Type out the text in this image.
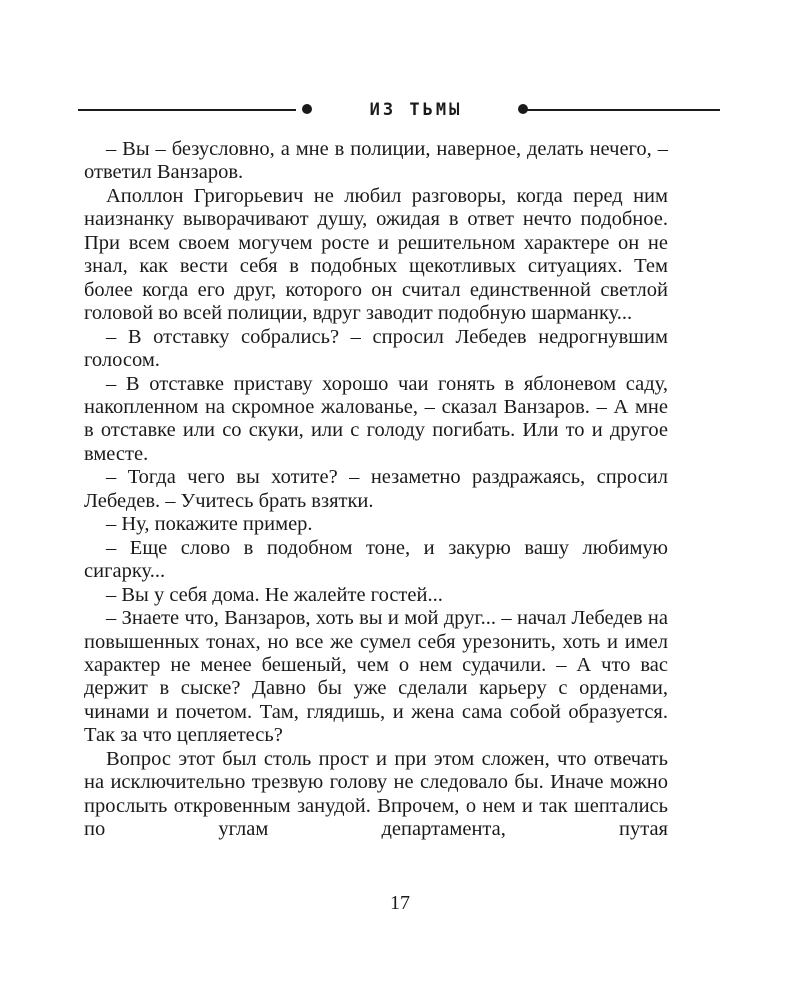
ИЗ ТЬМЫ

– Вы – безусловно, а мне в полиции, наверное, делать нечего, – ответил Ванзаров.

Аполлон Григорьевич не любил разговоры, когда перед ним наизнанку выворачивают душу, ожидая в ответ нечто подобное. При всем своем могучем росте и решительном характере он не знал, как вести себя в подобных щекотливых ситуациях. Тем более когда его друг, которого он считал единственной светлой головой во всей полиции, вдруг заводит подобную шарманку...

– В отставку собрались? – спросил Лебедев недрогнувшим голосом.

– В отставке приставу хорошо чаи гонять в яблоневом саду, накопленном на скромное жалованье, – сказал Ванзаров. – А мне в отставке или со скуки, или с голоду погибать. Или то и другое вместе.

– Тогда чего вы хотите? – незаметно раздражаясь, спросил Лебедев. – Учитесь брать взятки.

– Ну, покажите пример.

– Еще слово в подобном тоне, и закурю вашу любимую сигарку...

– Вы у себя дома. Не жалейте гостей...

– Знаете что, Ванзаров, хоть вы и мой друг... – начал Лебедев на повышенных тонах, но все же сумел себя урезонить, хоть и имел характер не менее бешеный, чем о нем судачили. – А что вас держит в сыске? Давно бы уже сделали карьеру с орденами, чинами и почетом. Там, глядишь, и жена сама собой образуется. Так за что цепляетесь?

Вопрос этот был столь прост и при этом сложен, что отвечать на исключительно трезвую голову не следовало бы. Иначе можно прослыть откровенным занудой. Впрочем, о нем и так шептались по углам департамента, путая

17
